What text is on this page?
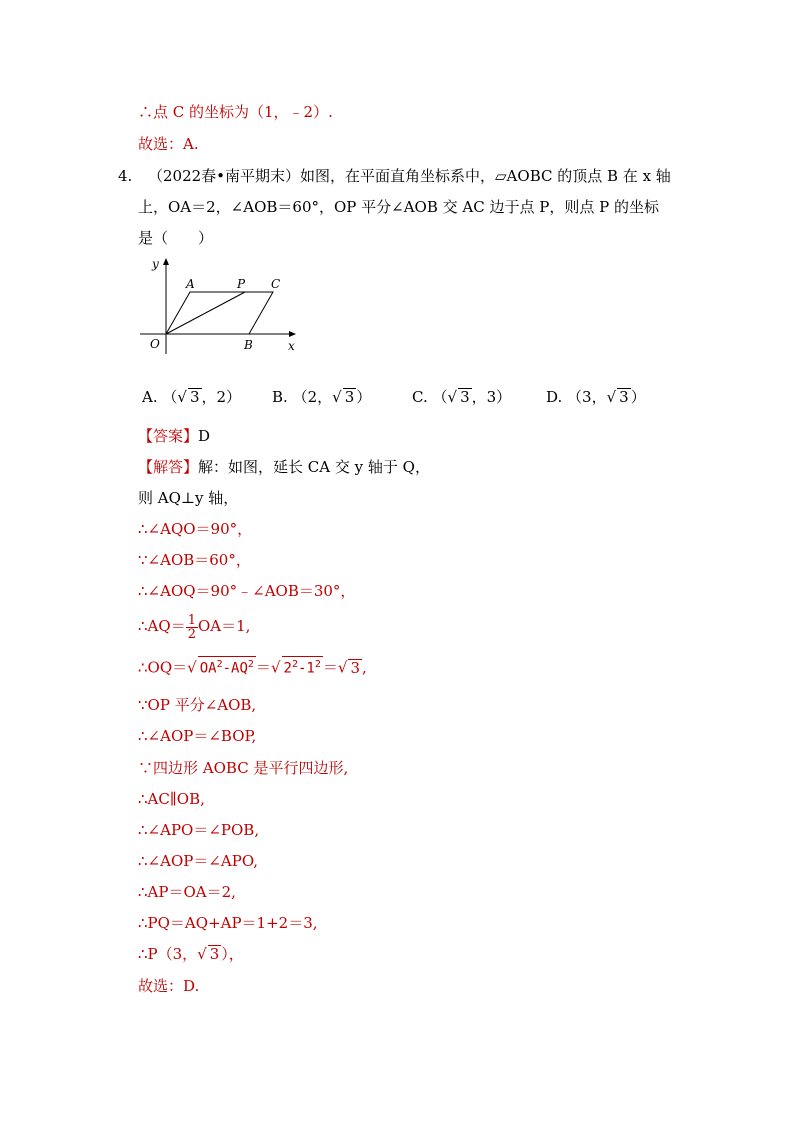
∴点 C 的坐标为（1，﹣2）.
故选：A.
4. （2022春•南平期末）如图，在平面直角坐标系中，▱AOBC 的顶点 B 在 x 轴
上，OA＝2，∠AOB＝60°，OP 平分∠AOB 交 AC 边于点 P，则点 P 的坐标
是（　　）
y
x
O
A	P C
B
A. （√ 3 ，2） B. （2，√ 3 ）	C. （√ 3 ，3） D. （3，√ 3 ）
【答案】D
【解答】解：如图，延长 CA 交 y 轴于 Q，
则 AQ⊥y 轴，
∴∠AQO＝90°，
∵∠AOB＝60°，
∴∠AOQ＝90°﹣∠AOB＝30°，
∴AQ＝ $\frac{1}{2} OA=1$,
∴OQ＝√ $OA^2-AQ^2$ ＝√ $2^2-1^2$ ＝√ 3 ,
∵OP 平分∠AOB,
∴∠AOP＝∠BOP,
∵四边形 AOBC 是平行四边形,
∴AC∥OB,
∴∠APO＝∠POB,
∴∠AOP＝∠APO,
∴AP＝OA＝2,
∴PQ＝AQ+AP＝1+2＝3,
∴P（3，√ 3 ），
故选：D.
